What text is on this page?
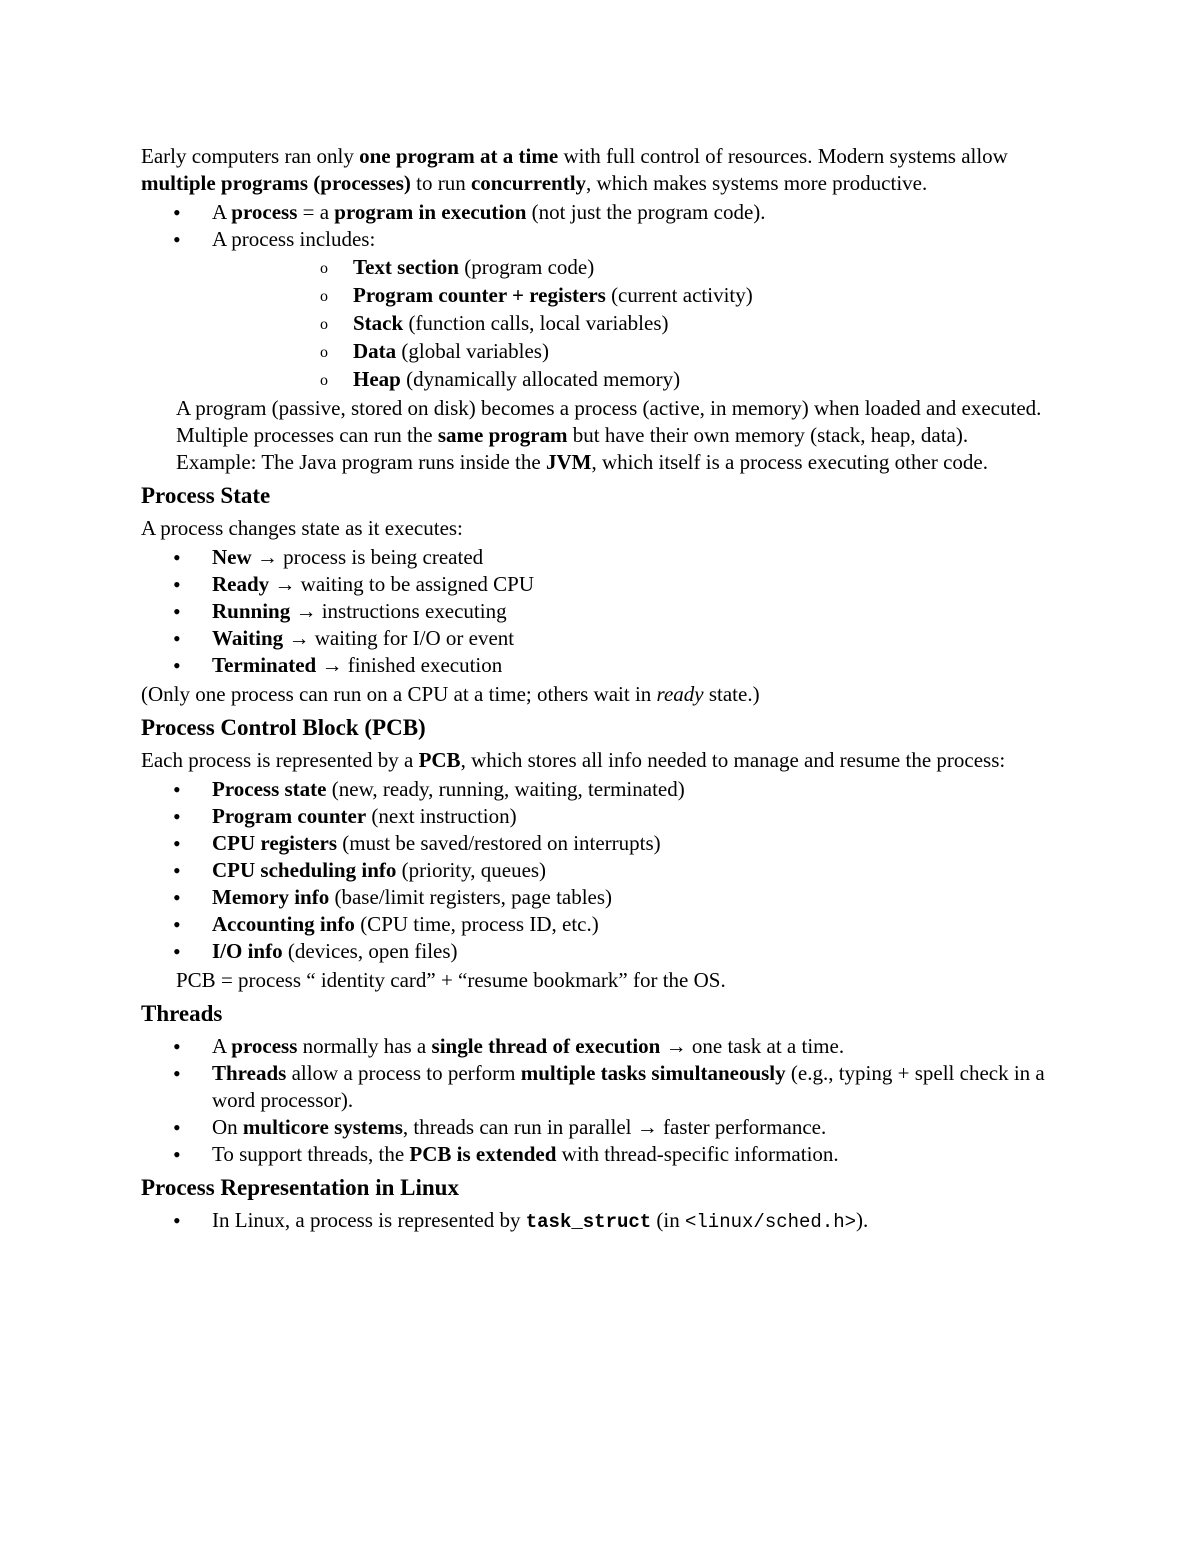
Early computers ran only one program at a time with full control of resources. Modern systems allow multiple programs (processes) to run concurrently, which makes systems more productive.

• A process = a program in execution (not just the program code).
• A process includes:
o Text section (program code)
o Program counter + registers (current activity)
o Stack (function calls, local variables)
o Data (global variables)
o Heap (dynamically allocated memory)

A program (passive, stored on disk) becomes a process (active, in memory) when loaded and executed.

Multiple processes can run the same program but have their own memory (stack, heap, data).

Example: The Java program runs inside the JVM, which itself is a process executing other code.

Process State

A process changes state as it executes:

• New → process is being created
• Ready → waiting to be assigned CPU
• Running → instructions executing
• Waiting → waiting for I/O or event
• Terminated → finished execution

(Only one process can run on a CPU at a time; others wait in ready state.)

Process Control Block (PCB)

Each process is represented by a PCB, which stores all info needed to manage and resume the process:

• Process state (new, ready, running, waiting, terminated)
• Program counter (next instruction)
• CPU registers (must be saved/restored on interrupts)
• CPU scheduling info (priority, queues)
• Memory info (base/limit registers, page tables)
• Accounting info (CPU time, process ID, etc.)
• I/O info (devices, open files)

PCB = process “ identity card” + “resume bookmark” for the OS.

Threads
• A process normally has a single thread of execution → one task at a time.
• Threads allow a process to perform multiple tasks simultaneously (e.g., typing + spell check in a word processor).
• On multicore systems, threads can run in parallel → faster performance.
• To support threads, the PCB is extended with thread-specific information.
Process Representation in Linux
• In Linux, a process is represented by task_struct (in <linux/sched.h>).
